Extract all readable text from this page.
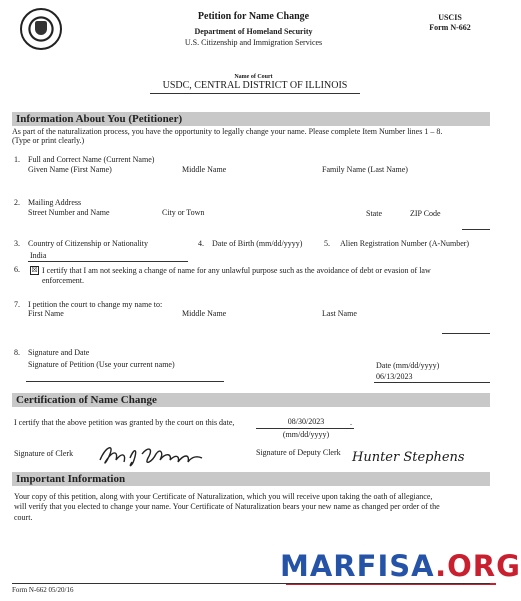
Petition for Name Change
Department of Homeland Security
U.S. Citizenship and Immigration Services
USCIS
Form N-662
Name of Court
USDC, CENTRAL DISTRICT OF ILLINOIS
Information About You (Petitioner)
As part of the naturalization process, you have the opportunity to legally change your name. Please complete Item Number lines 1 – 8.
(Type or print clearly.)
1. Full and Correct Name (Current Name)
Given Name (First Name)	Middle Name	Family Name (Last Name)
2. Mailing Address
Street Number and Name	City or Town	State	ZIP Code
3. Country of Citizenship or Nationality
India
4. Date of Birth (mm/dd/yyyy)	5. Alien Registration Number (A-Number)
6. ☒ I certify that I am not seeking a change of name for any unlawful purpose such as the avoidance of debt or evasion of law
enforcement.
7. I petition the court to change my name to:
First Name	Middle Name	Last Name
8. Signature and Date
Signature of Petition (Use your current name)	Date (mm/dd/yyyy)
06/13/2023
Certification of Name Change
I certify that the above petition was granted by the court on this date,	08/30/2023	.
(mm/dd/yyyy)
Signature of Clerk	Signature of Deputy Clerk Hunter Stephens
Important Information
Your copy of this petition, along with your Certificate of Naturalization, which you will receive upon taking the oath of allegiance,
will verify that you elected to change your name. Your Certificate of Naturalization bears your new name as changed per order of the
court.
MARFISA.ORG
Form N-662 05/20/16
